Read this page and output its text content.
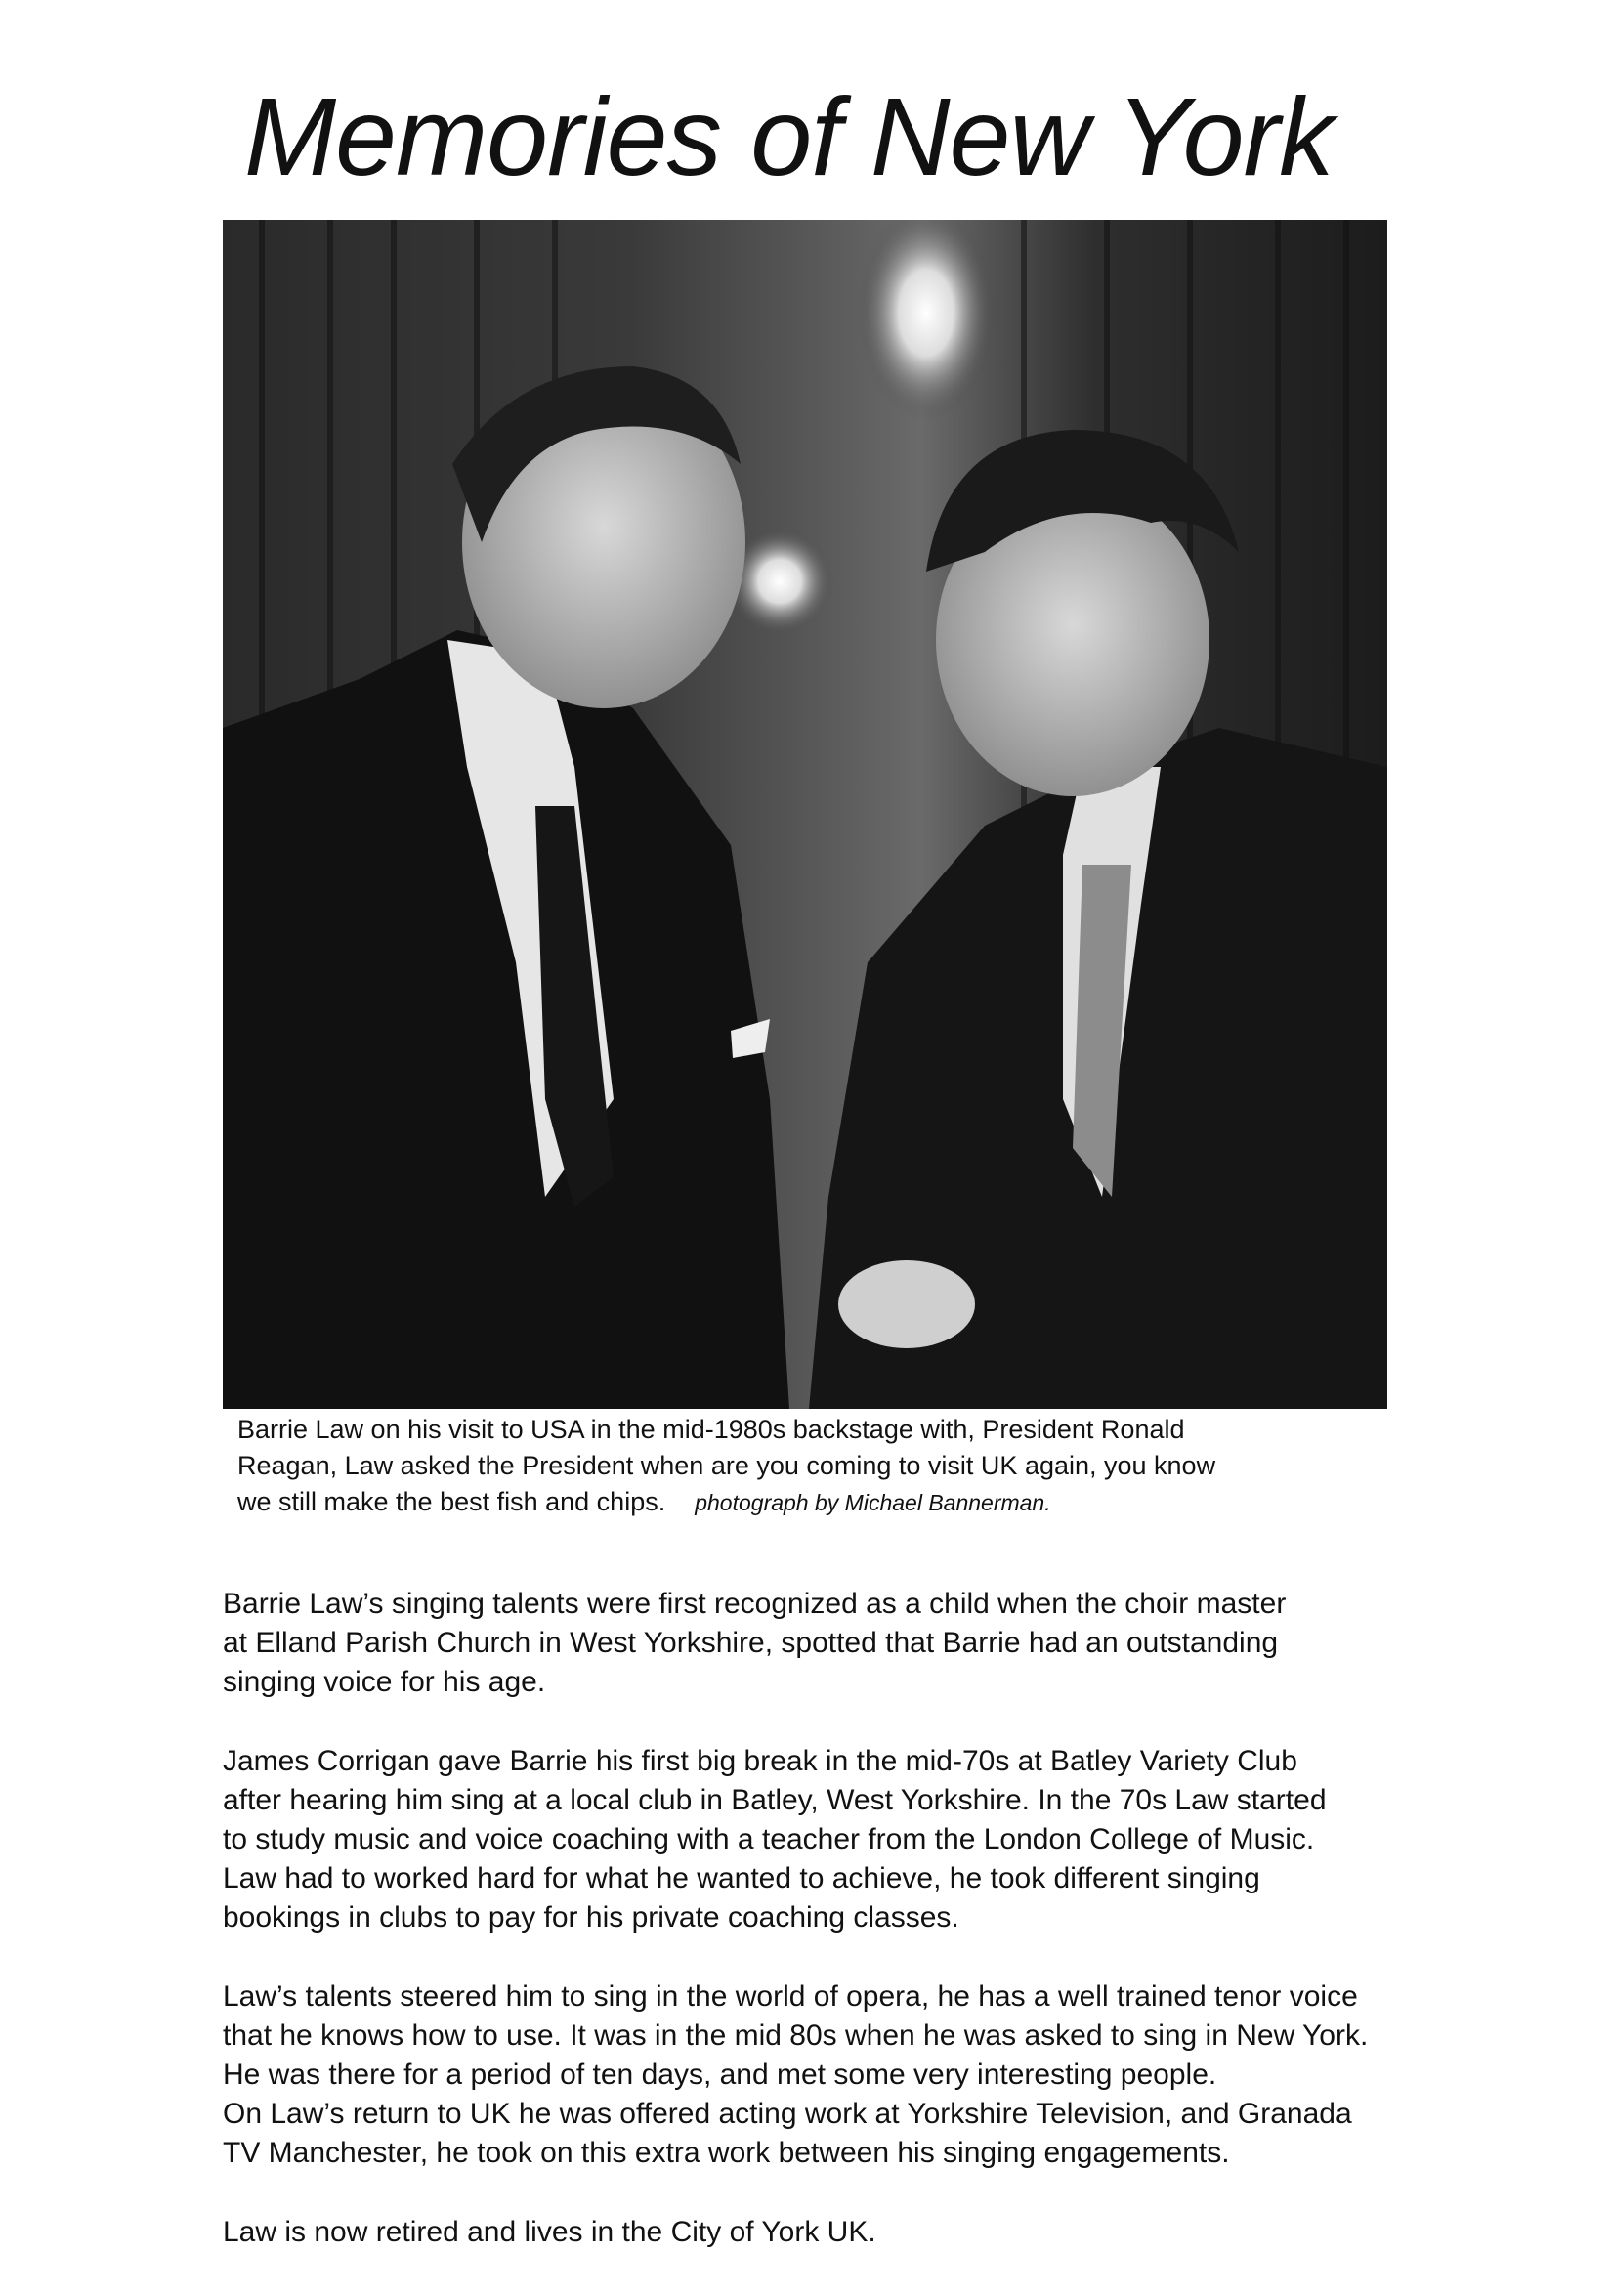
Memories of New York
Barrie Law on his visit to USA in the mid-1980s backstage with, President Ronald
Reagan, Law asked the President when are you coming to visit UK again, you know
we still make the best fish and chips. photograph by Michael Bannerman.

Barrie Law’s singing talents were first recognized as a child when the choir master
at Elland Parish Church in West Yorkshire, spotted that Barrie had an outstanding
singing voice for his age.

James Corrigan gave Barrie his first big break in the mid-70s at Batley Variety Club
after hearing him sing at a local club in Batley, West Yorkshire. In the 70s Law started
to study music and voice coaching with a teacher from the London College of Music.
Law had to worked hard for what he wanted to achieve, he took different singing
bookings in clubs to pay for his private coaching classes.

Law’s talents steered him to sing in the world of opera, he has a well trained tenor voice
that he knows how to use. It was in the mid 80s when he was asked to sing in New York.
He was there for a period of ten days, and met some very interesting people.
On Law’s return to UK he was offered acting work at Yorkshire Television, and Granada
TV Manchester, he took on this extra work between his singing engagements.

Law is now retired and lives in the City of York UK.
